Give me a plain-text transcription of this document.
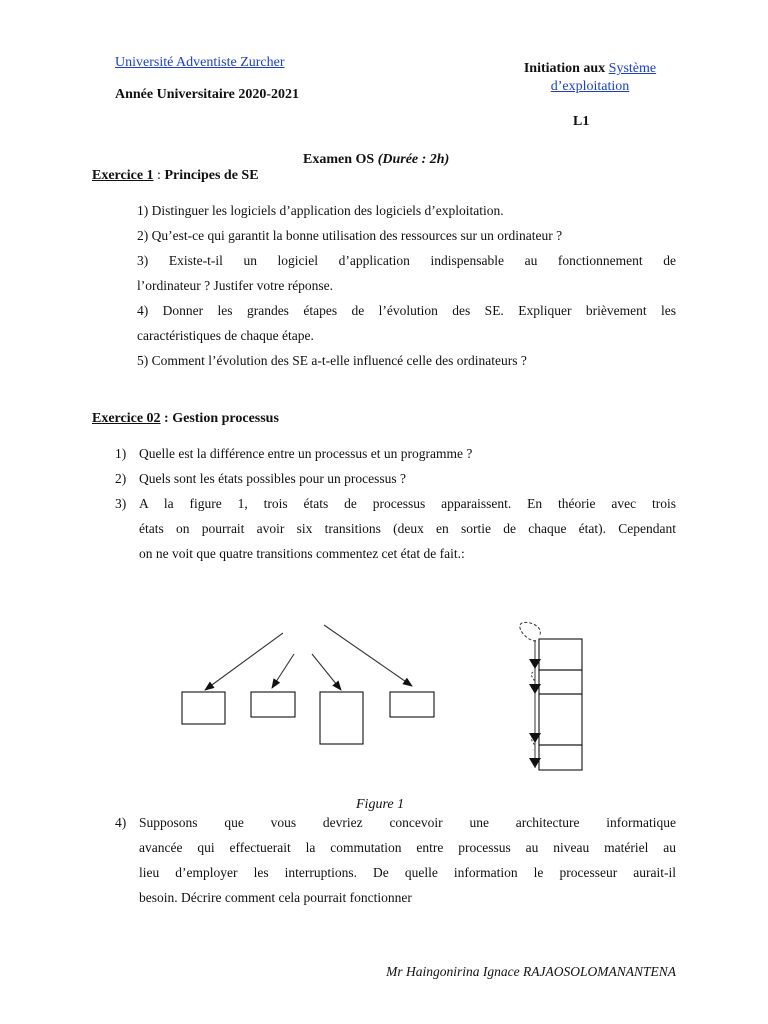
Université Adventiste Zurcher
Année Universitaire 2020-2021
Initiation aux Système
d’exploitation
L1
Examen OS (Durée : 2h)
Exercice 1 : Principes de SE
1) Distinguer les logiciels d’application des logiciels d’exploitation.
2) Qu’est-ce qui garantit la bonne utilisation des ressources sur un ordinateur ?
3) Existe-t-il un logiciel d’application indispensable au fonctionnement de
l’ordinateur ? Justifer votre réponse.
4) Donner les grandes étapes de l’évolution des SE. Expliquer brièvement les
caractéristiques de chaque étape.
5) Comment l’évolution des SE a-t-elle influencé celle des ordinateurs ?
Exercice 02 : Gestion processus
1) Quelle est la différence entre un processus et un programme ?
2) Quels sont les états possibles pour un processus ?
3) A la figure 1, trois états de processus apparaissent. En théorie avec trois
états on pourrait avoir six transitions (deux en sortie de chaque état). Cependant
on ne voit que quatre transitions commentez cet état de fait.:
Figure 1
4) Supposons que vous devriez concevoir une architecture informatique
avancée qui effectuerait la commutation entre processus au niveau matériel au
lieu d’employer les interruptions. De quelle information le processeur aurait-il
besoin. Décrire comment cela pourrait fonctionner
Mr Haingonirina Ignace RAJAOSOLOMANANTENA
